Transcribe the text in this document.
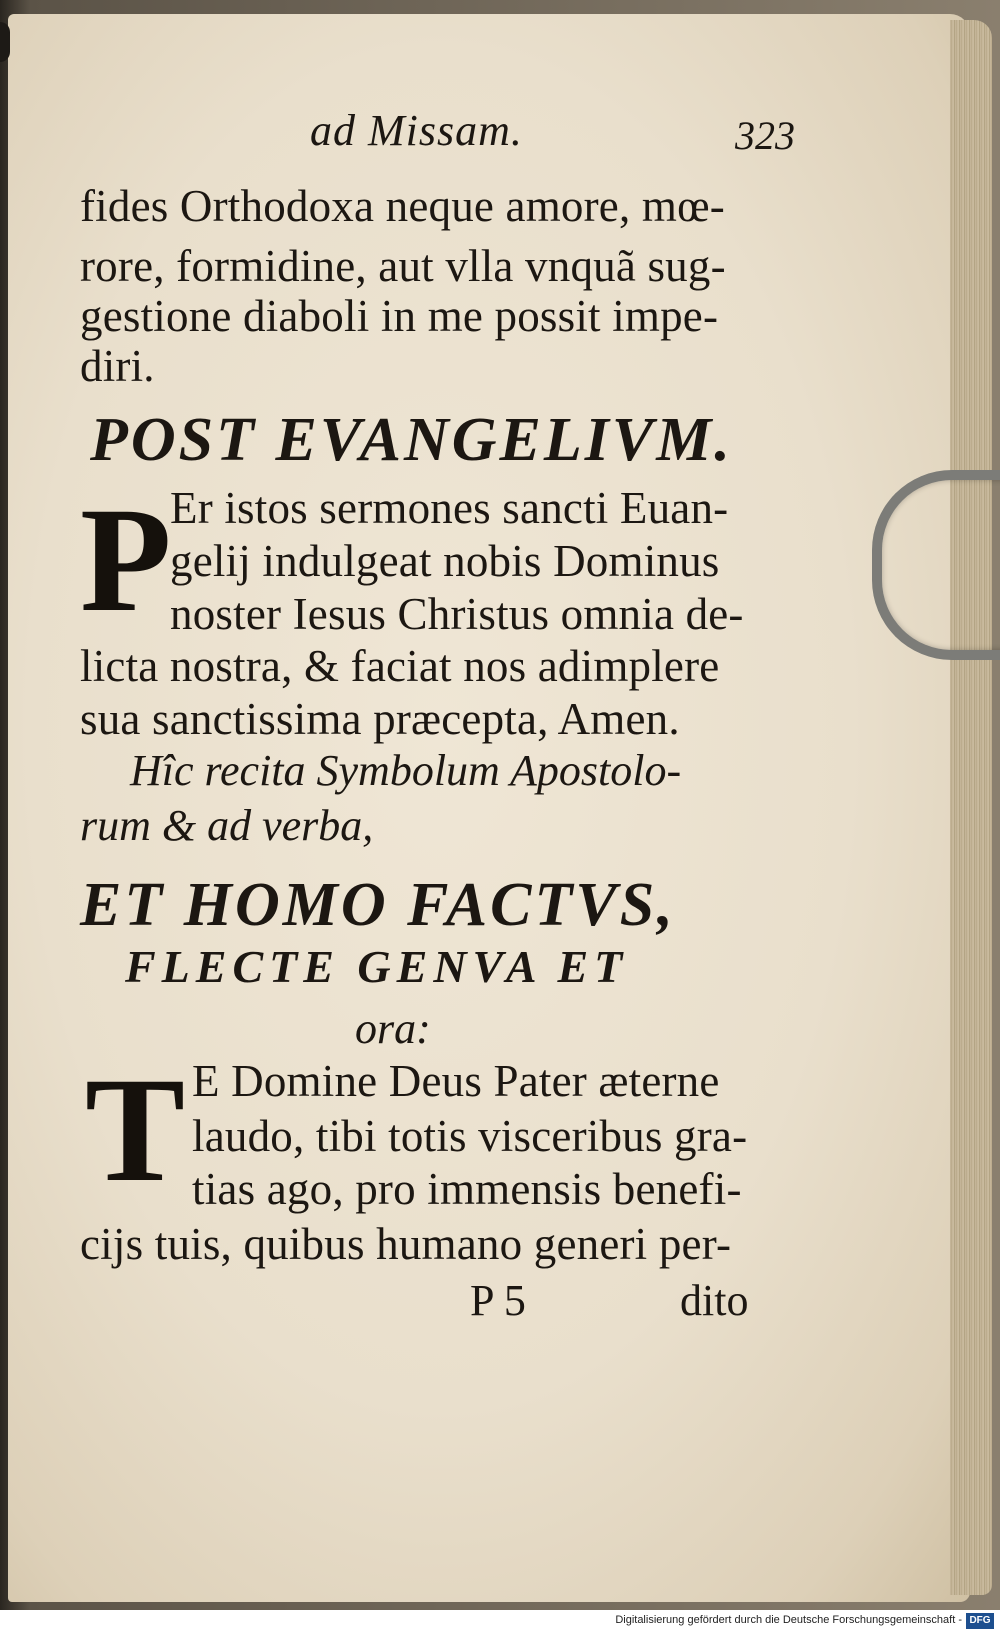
ad Missam.	323
fides Orthodoxa neque amore, mœ-
rore, formidine, aut vlla vnquã sug-
gestione diaboli in me possit impe-
diri.
POST EVANGELIVM.
P
Er istos sermones sancti Euan-
gelij indulgeat nobis Dominus
noster Iesus Christus omnia de-
licta nostra, & faciat nos adimplere
sua sanctissima præcepta, Amen.
Hîc recita Symbolum Apostolo-
rum & ad verba,
ET HOMO FACTVS,
FLECTE GENVA ET
ora:
T E Domine Deus Pater æterne
laudo, tibi totis visceribus gra-
tias ago, pro immensis benefi-
cijs tuis, quibus humano generi per-
P 5	dito
Digitalisierung gefördert durch die Deutsche Forschungsgemeinschaft - DFG
